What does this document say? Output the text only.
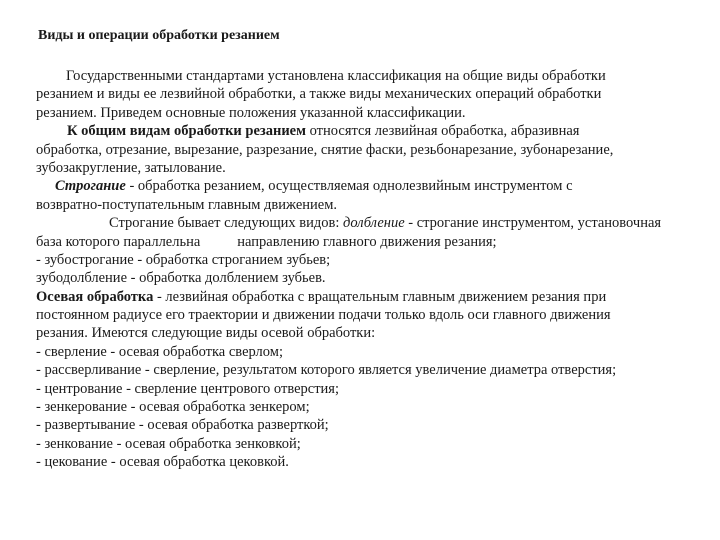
Виды и операции обработки резанием
Государственными стандартами установлена классификация на общие виды обработки
резанием и виды ее лезвийной обработки, а также виды механических операций обработки
резанием. Приведем основные положения указанной классификации.
К общим видам обработки резанием относятся лезвийная обработка, абразивная
обработка, отрезание, вырезание, разрезание, снятие фаски, резьбонарезание, зубонарезание,
зубозакругление, затылование.
Строгание - обработка резанием, осуществляемая однолезвийным инструментом с
возвратно-поступательным главным движением.
Строгание бывает следующих видов: долбление - строгание инструментом, установочная
база которого параллельна	направлению главного движения резания;
- зубострогание - обработка строганием зубьев;
зубодолбление - обработка долблением зубьев.
Осевая обработка - лезвийная обработка с вращательным главным движением резания при
постоянном радиусе его траектории и движении подачи только вдоль оси главного движения
резания. Имеются следующие виды осевой обработки:
- сверление - осевая обработка сверлом;
- рассверливание - сверление, результатом которого является увеличение диаметра отверстия;
- центрование - сверление центрового отверстия;
- зенкерование - осевая обработка зенкером;
- развертывание - осевая обработка разверткой;
- зенкование - осевая обработка зенковкой;
- цекование - осевая обработка цековкой.
